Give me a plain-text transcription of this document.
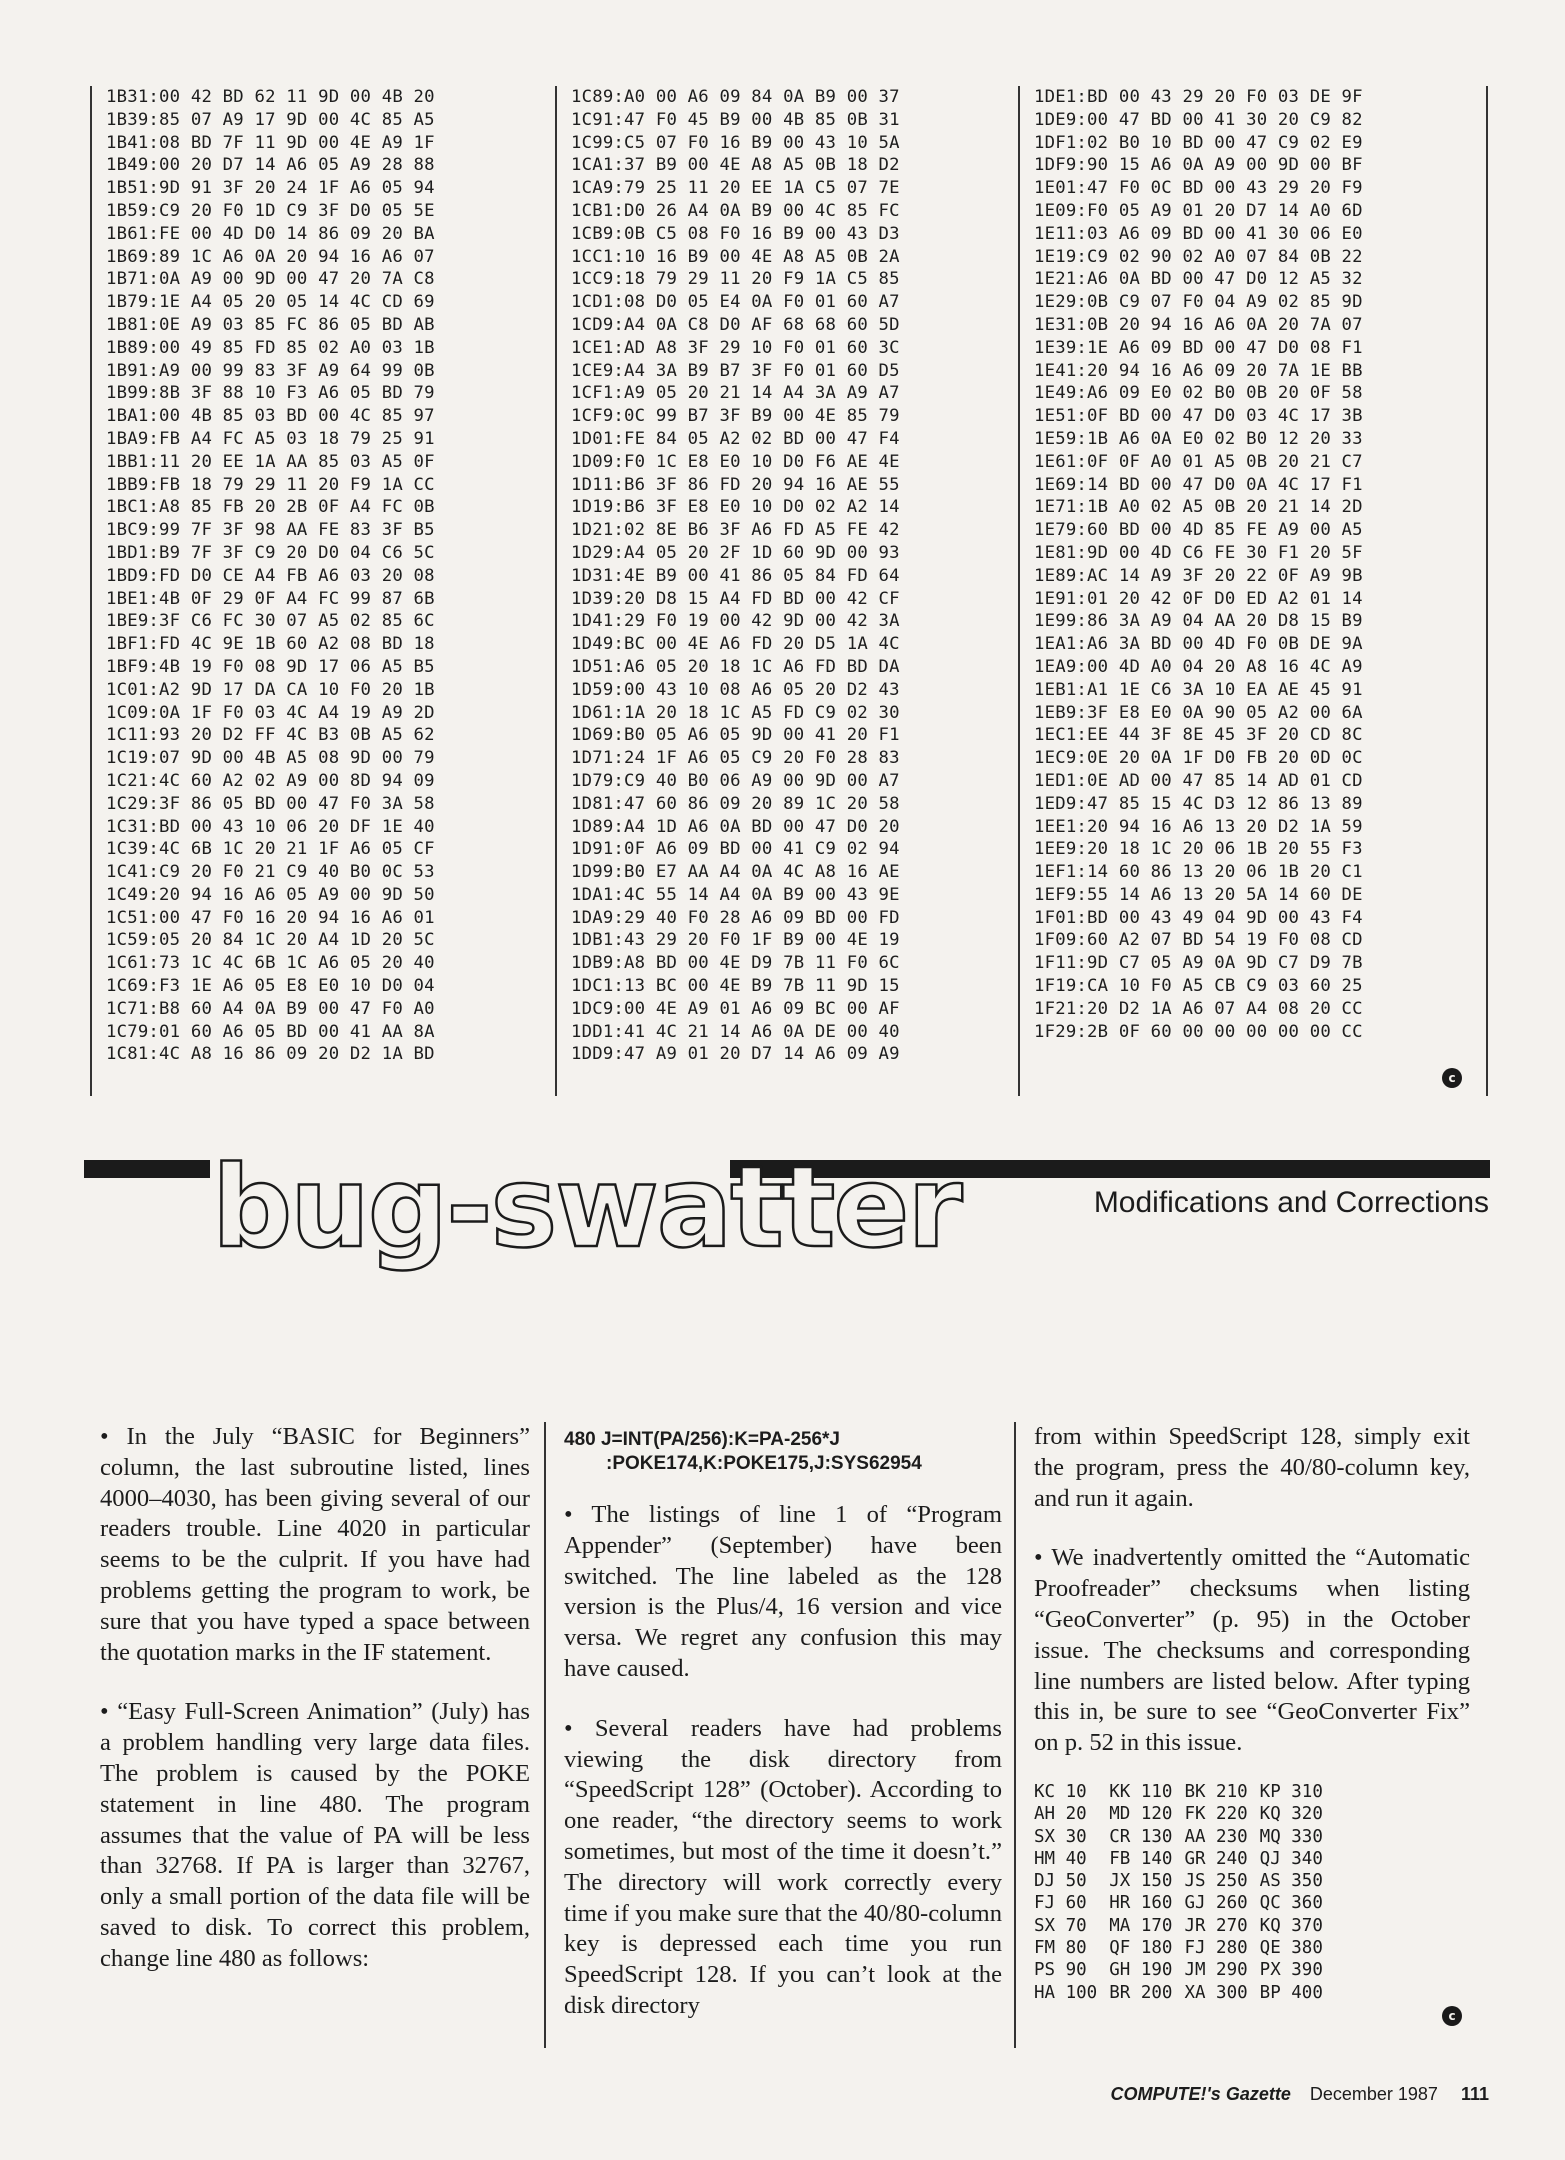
1B31:00 42 BD 62 11 9D 00 4B 20
1B39:85 07 A9 17 9D 00 4C 85 A5
1B41:08 BD 7F 11 9D 00 4E A9 1F
1B49:00 20 D7 14 A6 05 A9 28 88
1B51:9D 91 3F 20 24 1F A6 05 94
1B59:C9 20 F0 1D C9 3F D0 05 5E
1B61:FE 00 4D D0 14 86 09 20 BA
1B69:89 1C A6 0A 20 94 16 A6 07
1B71:0A A9 00 9D 00 47 20 7A C8
1B79:1E A4 05 20 05 14 4C CD 69
1B81:0E A9 03 85 FC 86 05 BD AB
1B89:00 49 85 FD 85 02 A0 03 1B
1B91:A9 00 99 83 3F A9 64 99 0B
1B99:8B 3F 88 10 F3 A6 05 BD 79
1BA1:00 4B 85 03 BD 00 4C 85 97
1BA9:FB A4 FC A5 03 18 79 25 91
1BB1:11 20 EE 1A AA 85 03 A5 0F
1BB9:FB 18 79 29 11 20 F9 1A CC
1BC1:A8 85 FB 20 2B 0F A4 FC 0B
1BC9:99 7F 3F 98 AA FE 83 3F B5
1BD1:B9 7F 3F C9 20 D0 04 C6 5C
1BD9:FD D0 CE A4 FB A6 03 20 08
1BE1:4B 0F 29 0F A4 FC 99 87 6B
1BE9:3F C6 FC 30 07 A5 02 85 6C
1BF1:FD 4C 9E 1B 60 A2 08 BD 18
1BF9:4B 19 F0 08 9D 17 06 A5 B5
1C01:A2 9D 17 DA CA 10 F0 20 1B
1C09:0A 1F F0 03 4C A4 19 A9 2D
1C11:93 20 D2 FF 4C B3 0B A5 62
1C19:07 9D 00 4B A5 08 9D 00 79
1C21:4C 60 A2 02 A9 00 8D 94 09
1C29:3F 86 05 BD 00 47 F0 3A 58
1C31:BD 00 43 10 06 20 DF 1E 40
1C39:4C 6B 1C 20 21 1F A6 05 CF
1C41:C9 20 F0 21 C9 40 B0 0C 53
1C49:20 94 16 A6 05 A9 00 9D 50
1C51:00 47 F0 16 20 94 16 A6 01
1C59:05 20 84 1C 20 A4 1D 20 5C
1C61:73 1C 4C 6B 1C A6 05 20 40
1C69:F3 1E A6 05 E8 E0 10 D0 04
1C71:B8 60 A4 0A B9 00 47 F0 A0
1C79:01 60 A6 05 BD 00 41 AA 8A
1C81:4C A8 16 86 09 20 D2 1A BD
1C89:A0 00 A6 09 84 0A B9 00 37
1C91:47 F0 45 B9 00 4B 85 0B 31
1C99:C5 07 F0 16 B9 00 43 10 5A
1CA1:37 B9 00 4E A8 A5 0B 18 D2
1CA9:79 25 11 20 EE 1A C5 07 7E
1CB1:D0 26 A4 0A B9 00 4C 85 FC
1CB9:0B C5 08 F0 16 B9 00 43 D3
1CC1:10 16 B9 00 4E A8 A5 0B 2A
1CC9:18 79 29 11 20 F9 1A C5 85
1CD1:08 D0 05 E4 0A F0 01 60 A7
1CD9:A4 0A C8 D0 AF 68 68 60 5D
1CE1:AD A8 3F 29 10 F0 01 60 3C
1CE9:A4 3A B9 B7 3F F0 01 60 D5
1CF1:A9 05 20 21 14 A4 3A A9 A7
1CF9:0C 99 B7 3F B9 00 4E 85 79
1D01:FE 84 05 A2 02 BD 00 47 F4
1D09:F0 1C E8 E0 10 D0 F6 AE 4E
1D11:B6 3F 86 FD 20 94 16 AE 55
1D19:B6 3F E8 E0 10 D0 02 A2 14
1D21:02 8E B6 3F A6 FD A5 FE 42
1D29:A4 05 20 2F 1D 60 9D 00 93
1D31:4E B9 00 41 86 05 84 FD 64
1D39:20 D8 15 A4 FD BD 00 42 CF
1D41:29 F0 19 00 42 9D 00 42 3A
1D49:BC 00 4E A6 FD 20 D5 1A 4C
1D51:A6 05 20 18 1C A6 FD BD DA
1D59:00 43 10 08 A6 05 20 D2 43
1D61:1A 20 18 1C A5 FD C9 02 30
1D69:B0 05 A6 05 9D 00 41 20 F1
1D71:24 1F A6 05 C9 20 F0 28 83
1D79:C9 40 B0 06 A9 00 9D 00 A7
1D81:47 60 86 09 20 89 1C 20 58
1D89:A4 1D A6 0A BD 00 47 D0 20
1D91:0F A6 09 BD 00 41 C9 02 94
1D99:B0 E7 AA A4 0A 4C A8 16 AE
1DA1:4C 55 14 A4 0A B9 00 43 9E
1DA9:29 40 F0 28 A6 09 BD 00 FD
1DB1:43 29 20 F0 1F B9 00 4E 19
1DB9:A8 BD 00 4E D9 7B 11 F0 6C
1DC1:13 BC 00 4E B9 7B 11 9D 15
1DC9:00 4E A9 01 A6 09 BC 00 AF
1DD1:41 4C 21 14 A6 0A DE 00 40
1DD9:47 A9 01 20 D7 14 A6 09 A9
1DE1:BD 00 43 29 20 F0 03 DE 9F
1DE9:00 47 BD 00 41 30 20 C9 82
1DF1:02 B0 10 BD 00 47 C9 02 E9
1DF9:90 15 A6 0A A9 00 9D 00 BF
1E01:47 F0 0C BD 00 43 29 20 F9
1E09:F0 05 A9 01 20 D7 14 A0 6D
1E11:03 A6 09 BD 00 41 30 06 E0
1E19:C9 02 90 02 A0 07 84 0B 22
1E21:A6 0A BD 00 47 D0 12 A5 32
1E29:0B C9 07 F0 04 A9 02 85 9D
1E31:0B 20 94 16 A6 0A 20 7A 07
1E39:1E A6 09 BD 00 47 D0 08 F1
1E41:20 94 16 A6 09 20 7A 1E BB
1E49:A6 09 E0 02 B0 0B 20 0F 58
1E51:0F BD 00 47 D0 03 4C 17 3B
1E59:1B A6 0A E0 02 B0 12 20 33
1E61:0F 0F A0 01 A5 0B 20 21 C7
1E69:14 BD 00 47 D0 0A 4C 17 F1
1E71:1B A0 02 A5 0B 20 21 14 2D
1E79:60 BD 00 4D 85 FE A9 00 A5
1E81:9D 00 4D C6 FE 30 F1 20 5F
1E89:AC 14 A9 3F 20 22 0F A9 9B
1E91:01 20 42 0F D0 ED A2 01 14
1E99:86 3A A9 04 AA 20 D8 15 B9
1EA1:A6 3A BD 00 4D F0 0B DE 9A
1EA9:00 4D A0 04 20 A8 16 4C A9
1EB1:A1 1E C6 3A 10 EA AE 45 91
1EB9:3F E8 E0 0A 90 05 A2 00 6A
1EC1:EE 44 3F 8E 45 3F 20 CD 8C
1EC9:0E 20 0A 1F D0 FB 20 0D 0C
1ED1:0E AD 00 47 85 14 AD 01 CD
1ED9:47 85 15 4C D3 12 86 13 89
1EE1:20 94 16 A6 13 20 D2 1A 59
1EE9:20 18 1C 20 06 1B 20 55 F3
1EF1:14 60 86 13 20 06 1B 20 C1
1EF9:55 14 A6 13 20 5A 14 60 DE
1F01:BD 00 43 49 04 9D 00 43 F4
1F09:60 A2 07 BD 54 19 F0 08 CD
1F11:9D C7 05 A9 0A 9D C7 D9 7B
1F19:CA 10 F0 A5 CB C9 03 60 25
1F21:20 D2 1A A6 07 A4 08 20 CC
1F29:2B 0F 60 00 00 00 00 00 CC
c
bug-swatter	Modifications and Corrections

• In the July “BASIC for Beginners” column, the last subroutine listed, lines 4000–4030, has been giving several of our readers trouble. Line 4020 in particular seems to be the culprit. If you have had problems getting the program to work, be sure that you have typed a space between the quotation marks in the IF statement.

• “Easy Full-Screen Animation” (July) has a problem handling very large data files. The problem is caused by the POKE statement in line 480. The program assumes that the value of PA will be less than 32768. If PA is larger than 32767, only a small portion of the data file will be saved to disk. To correct this problem, change line 480 as follows:

480 J=INT(PA/256):K=PA-256*J
:POKE174,K:POKE175,J:SYS62954

• The listings of line 1 of “Program Appender” (September) have been switched. The line labeled as the 128 version is the Plus/4, 16 version and vice versa. We regret any confusion this may have caused.

• Several readers have had problems viewing the disk directory from “SpeedScript 128” (October). According to one reader, “the directory seems to work sometimes, but most of the time it doesn’t.” The directory will work correctly every time if you make sure that the 40/80-column key is depressed each time you run SpeedScript 128. If you can’t look at the disk directory

from within SpeedScript 128, simply exit the program, press the 40/80-column key, and run it again.

• We inadvertently omitted the “Automatic Proofreader” checksums when listing “GeoConverter” (p. 95) in the October issue. The checksums and corresponding line numbers are listed below. After typing this in, be sure to see “GeoConverter Fix” on p. 52 in this issue.

KC 10	KK 110	BK 210	KP 310
AH 20	MD 120	FK 220	KQ 320
SX 30	CR 130	AA 230	MQ 330
HM 40	FB 140	GR 240	QJ 340
DJ 50	JX 150	JS 250	AS 350
FJ 60	HR 160	GJ 260	QC 360
SX 70	MA 170	JR 270	KQ 370
FM 80	QF 180	FJ 280	QE 380
PS 90	GH 190	JM 290	PX 390
HA 100	BR 200	XA 300	BP 400
c
COMPUTE!'s Gazette December 1987 111
